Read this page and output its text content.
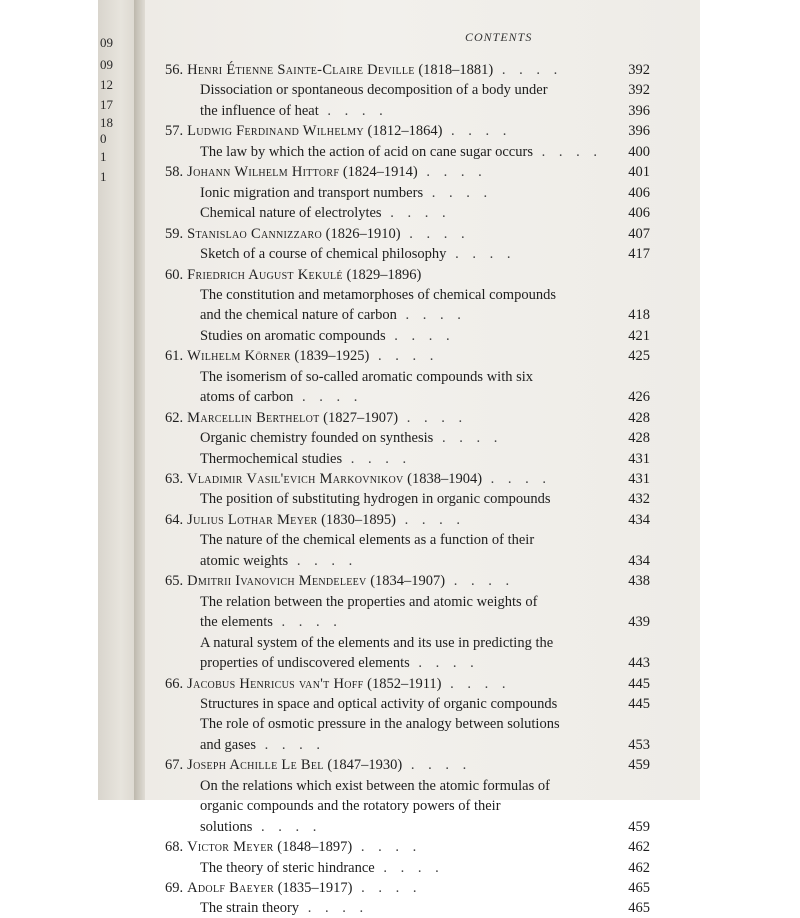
09
09
12
17
18
0
1
1
CONTENTS
56. Henri Étienne Sainte-Claire Deville (1818–1881) . . . .	392
Dissociation or spontaneous decomposition of a body under	392
the influence of heat . . . .	396
57. Ludwig Ferdinand Wilhelmy (1812–1864) . . . .	396
The law by which the action of acid on cane sugar occurs . . . .	400
58. Johann Wilhelm Hittorf (1824–1914) . . . .	401
Ionic migration and transport numbers . . . .	406
Chemical nature of electrolytes . . . .	406
59. Stanislao Cannizzaro (1826–1910) . . . .	407
Sketch of a course of chemical philosophy . . . .	417
60. Friedrich August Kekulé (1829–1896)
The constitution and metamorphoses of chemical compounds
and the chemical nature of carbon . . . .	418
Studies on aromatic compounds . . . .	421
61. Wilhelm Körner (1839–1925) . . . .	425
The isomerism of so-called aromatic compounds with six
atoms of carbon . . . .	426
62. Marcellin Berthelot (1827–1907) . . . .	428
Organic chemistry founded on synthesis . . . .	428
Thermochemical studies . . . .	431
63. Vladimir Vasil'evich Markovnikov (1838–1904) . . . .	431
The position of substituting hydrogen in organic compounds	432
64. Julius Lothar Meyer (1830–1895) . . . .	434
The nature of the chemical elements as a function of their
atomic weights . . . .	434
65. Dmitrii Ivanovich Mendeleev (1834–1907) . . . .	438
The relation between the properties and atomic weights of
the elements . . . .	439
A natural system of the elements and its use in predicting the
properties of undiscovered elements . . . .	443
66. Jacobus Henricus van't Hoff (1852–1911) . . . .	445
Structures in space and optical activity of organic compounds	445
The role of osmotic pressure in the analogy between solutions
and gases . . . .	453
67. Joseph Achille Le Bel (1847–1930) . . . .	459
On the relations which exist between the atomic formulas of
organic compounds and the rotatory powers of their
solutions . . . .	459
68. Victor Meyer (1848–1897) . . . .	462
The theory of steric hindrance . . . .	462
69. Adolf Baeyer (1835–1917) . . . .	465
The strain theory . . . .	465
